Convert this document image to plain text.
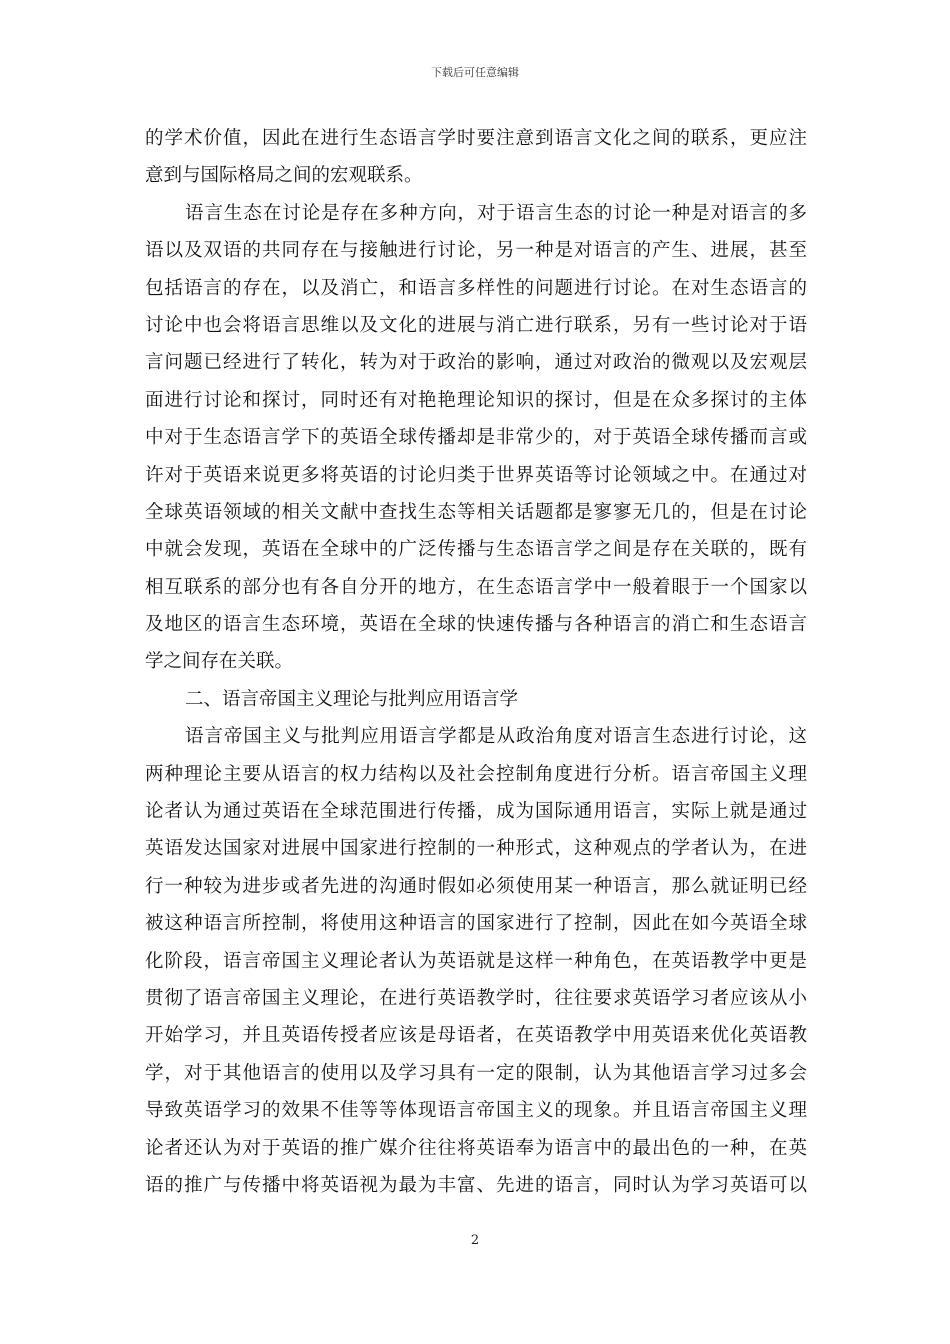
下载后可任意编辑
的学术价值，因此在进行生态语言学时要注意到语言文化之间的联系，更应注
意到与国际格局之间的宏观联系。
语言生态在讨论是存在多种方向，对于语言生态的讨论一种是对语言的多
语以及双语的共同存在与接触进行讨论，另一种是对语言的产生、进展，甚至
包括语言的存在，以及消亡，和语言多样性的问题进行讨论。在对生态语言的
讨论中也会将语言思维以及文化的进展与消亡进行联系，另有一些讨论对于语
言问题已经进行了转化，转为对于政治的影响，通过对政治的微观以及宏观层
面进行讨论和探讨，同时还有对艳艳理论知识的探讨，但是在众多探讨的主体
中对于生态语言学下的英语全球传播却是非常少的，对于英语全球传播而言或
许对于英语来说更多将英语的讨论归类于世界英语等讨论领域之中。在通过对
全球英语领域的相关文献中查找生态等相关话题都是寥寥无几的，但是在讨论
中就会发现，英语在全球中的广泛传播与生态语言学之间是存在关联的，既有
相互联系的部分也有各自分开的地方，在生态语言学中一般着眼于一个国家以
及地区的语言生态环境，英语在全球的快速传播与各种语言的消亡和生态语言
学之间存在关联。
二、语言帝国主义理论与批判应用语言学
语言帝国主义与批判应用语言学都是从政治角度对语言生态进行讨论，这
两种理论主要从语言的权力结构以及社会控制角度进行分析。语言帝国主义理
论者认为通过英语在全球范围进行传播，成为国际通用语言，实际上就是通过
英语发达国家对进展中国家进行控制的一种形式，这种观点的学者认为，在进
行一种较为进步或者先进的沟通时假如必须使用某一种语言，那么就证明已经
被这种语言所控制，将使用这种语言的国家进行了控制，因此在如今英语全球
化阶段，语言帝国主义理论者认为英语就是这样一种角色，在英语教学中更是
贯彻了语言帝国主义理论，在进行英语教学时，往往要求英语学习者应该从小
开始学习，并且英语传授者应该是母语者，在英语教学中用英语来优化英语教
学，对于其他语言的使用以及学习具有一定的限制，认为其他语言学习过多会
导致英语学习的效果不佳等等体现语言帝国主义的现象。并且语言帝国主义理
论者还认为对于英语的推广媒介往往将英语奉为语言中的最出色的一种，在英
语的推广与传播中将英语视为最为丰富、先进的语言，同时认为学习英语可以
2
